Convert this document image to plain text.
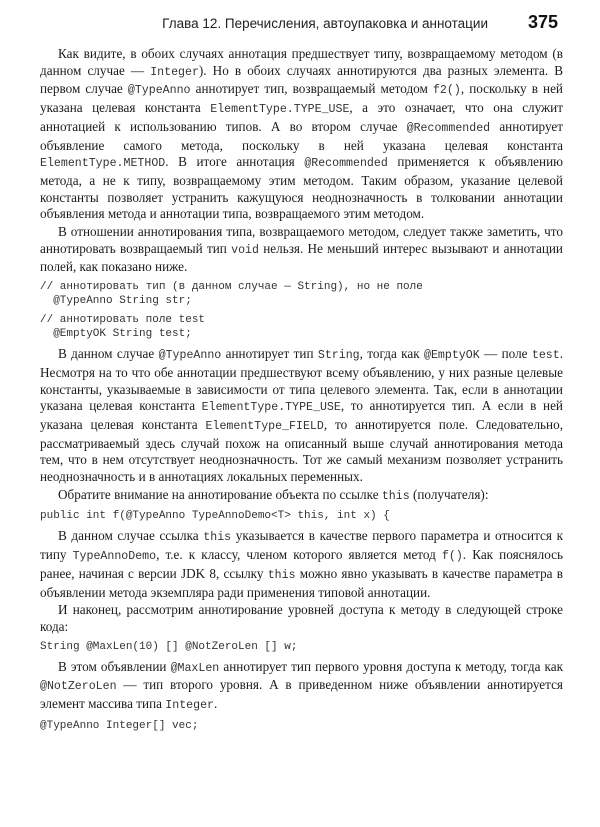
Глава 12. Перечисления, автоупаковка и аннотации 375

Как видите, в обоих случаях аннотация предшествует типу, возвращаемому методом (в данном случае — Integer). Но в обоих случаях аннотируются два разных элемента. В первом случае @TypeAnno аннотирует тип, возвращаемый методом f2(), поскольку в ней указана целевая константа ElementType.TYPE_USE, а это означает, что она служит аннотацией к использованию типов. А во втором случае @Recommended аннотирует объявление самого метода, поскольку в ней указана целевая константа ElementType.METHOD. В итоге аннотация @Recommended применяется к объявлению метода, а не к типу, возвращаемому этим методом. Таким образом, указание целевой константы позволяет устранить кажущуюся неоднозначность в толковании аннотации объявления метода и аннотации типа, возвращаемого этим методом.

В отношении аннотирования типа, возвращаемого методом, следует также заметить, что аннотировать возвращаемый тип void нельзя. Не меньший интерес вызывают и аннотации полей, как показано ниже.

// аннотировать тип (в данном случае — String), но не поле
@TypeAnno String str;
// аннотировать поле test
@EmptyOK String test;

В данном случае @TypeAnno аннотирует тип String, тогда как @EmptyOK — поле test. Несмотря на то что обе аннотации предшествуют всему объявлению, у них разные целевые константы, указываемые в зависимости от типа целевого элемента. Так, если в аннотации указана целевая константа ElementType.TYPE_USE, то аннотируется тип. А если в ней указана целевая константа ElementType_FIELD, то аннотируется поле. Следовательно, рассматриваемый здесь случай похож на описанный выше случай аннотирования метода тем, что в нем отсутствует неоднозначность. Тот же самый механизм позволяет устранить неоднозначность и в аннотациях локальных переменных.

Обратите внимание на аннотирование объекта по ссылке this (получателя):

public int f(@TypeAnno TypeAnnoDemo<T> this, int x) {

В данном случае ссылка this указывается в качестве первого параметра и относится к типу TypeAnnoDemo, т.е. к классу, членом которого является метод f(). Как пояснялось ранее, начиная с версии JDK 8, ссылку this можно явно указывать в качестве параметра в объявлении метода экземпляра ради применения типовой аннотации.

И наконец, рассмотрим аннотирование уровней доступа к методу в следующей строке кода:

String @MaxLen(10) [] @NotZeroLen [] w;

В этом объявлении @MaxLen аннотирует тип первого уровня доступа к методу, тогда как @NotZeroLen — тип второго уровня. А в приведенном ниже объявлении аннотируется элемент массива типа Integer.

@TypeAnno Integer[] vec;
